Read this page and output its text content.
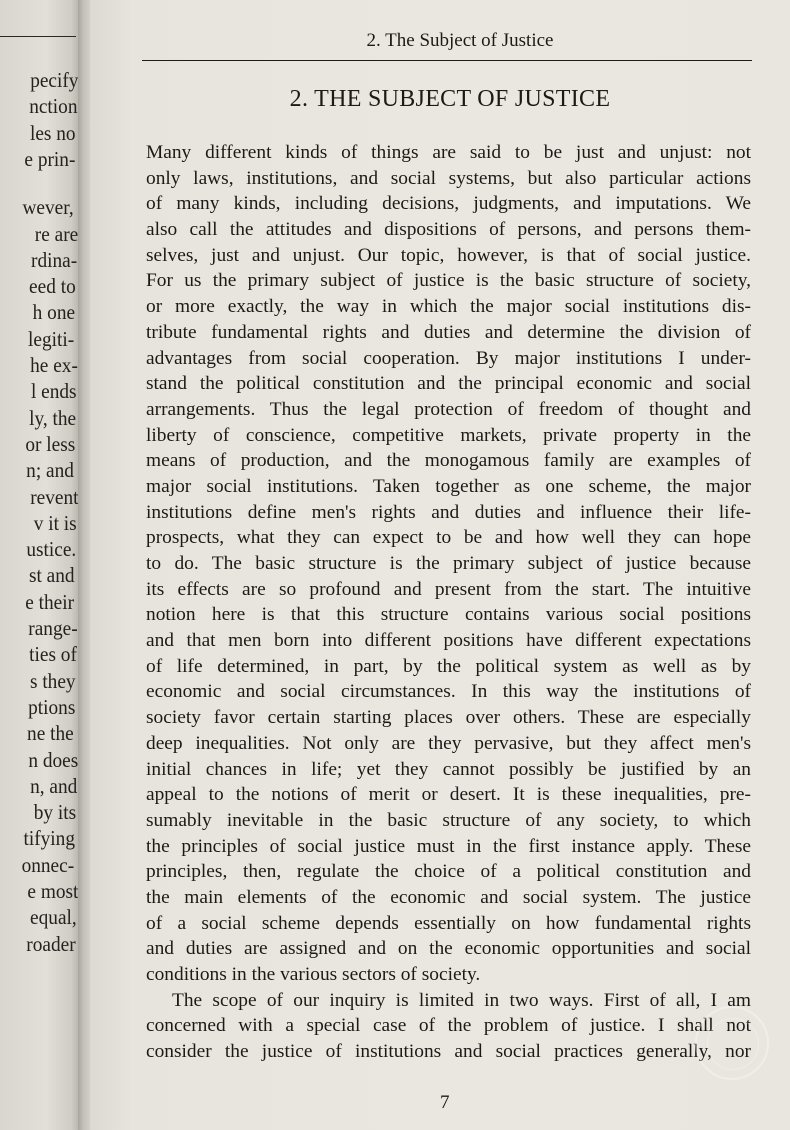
pecify
nction
les no
e prin-
wever,
re are
rdina-
eed to
h one
legiti-
he ex-
l ends
ly, the
or less
n; and
revent
v it is
ustice.
st and
e their
range-
ties of
s they
ptions
ne the
n does
n, and
by its
tifying
onnec-
e most
equal,
roader
2. The Subject of Justice
2. THE SUBJECT OF JUSTICE
Many different kinds of things are said to be just and unjust: not
only laws, institutions, and social systems, but also particular actions
of many kinds, including decisions, judgments, and imputations. We
also call the attitudes and dispositions of persons, and persons them-
selves, just and unjust. Our topic, however, is that of social justice.
For us the primary subject of justice is the basic structure of society,
or more exactly, the way in which the major social institutions dis-
tribute fundamental rights and duties and determine the division of
advantages from social cooperation. By major institutions I under-
stand the political constitution and the principal economic and social
arrangements. Thus the legal protection of freedom of thought and
liberty of conscience, competitive markets, private property in the
means of production, and the monogamous family are examples of
major social institutions. Taken together as one scheme, the major
institutions define men's rights and duties and influence their life-
prospects, what they can expect to be and how well they can hope
to do. The basic structure is the primary subject of justice because
its effects are so profound and present from the start. The intuitive
notion here is that this structure contains various social positions
and that men born into different positions have different expectations
of life determined, in part, by the political system as well as by
economic and social circumstances. In this way the institutions of
society favor certain starting places over others. These are especially
deep inequalities. Not only are they pervasive, but they affect men's
initial chances in life; yet they cannot possibly be justified by an
appeal to the notions of merit or desert. It is these inequalities, pre-
sumably inevitable in the basic structure of any society, to which
the principles of social justice must in the first instance apply. These
principles, then, regulate the choice of a political constitution and
the main elements of the economic and social system. The justice
of a social scheme depends essentially on how fundamental rights
and duties are assigned and on the economic opportunities and social
conditions in the various sectors of society.
The scope of our inquiry is limited in two ways. First of all, I am
concerned with a special case of the problem of justice. I shall not
consider the justice of institutions and social practices generally, nor
7
